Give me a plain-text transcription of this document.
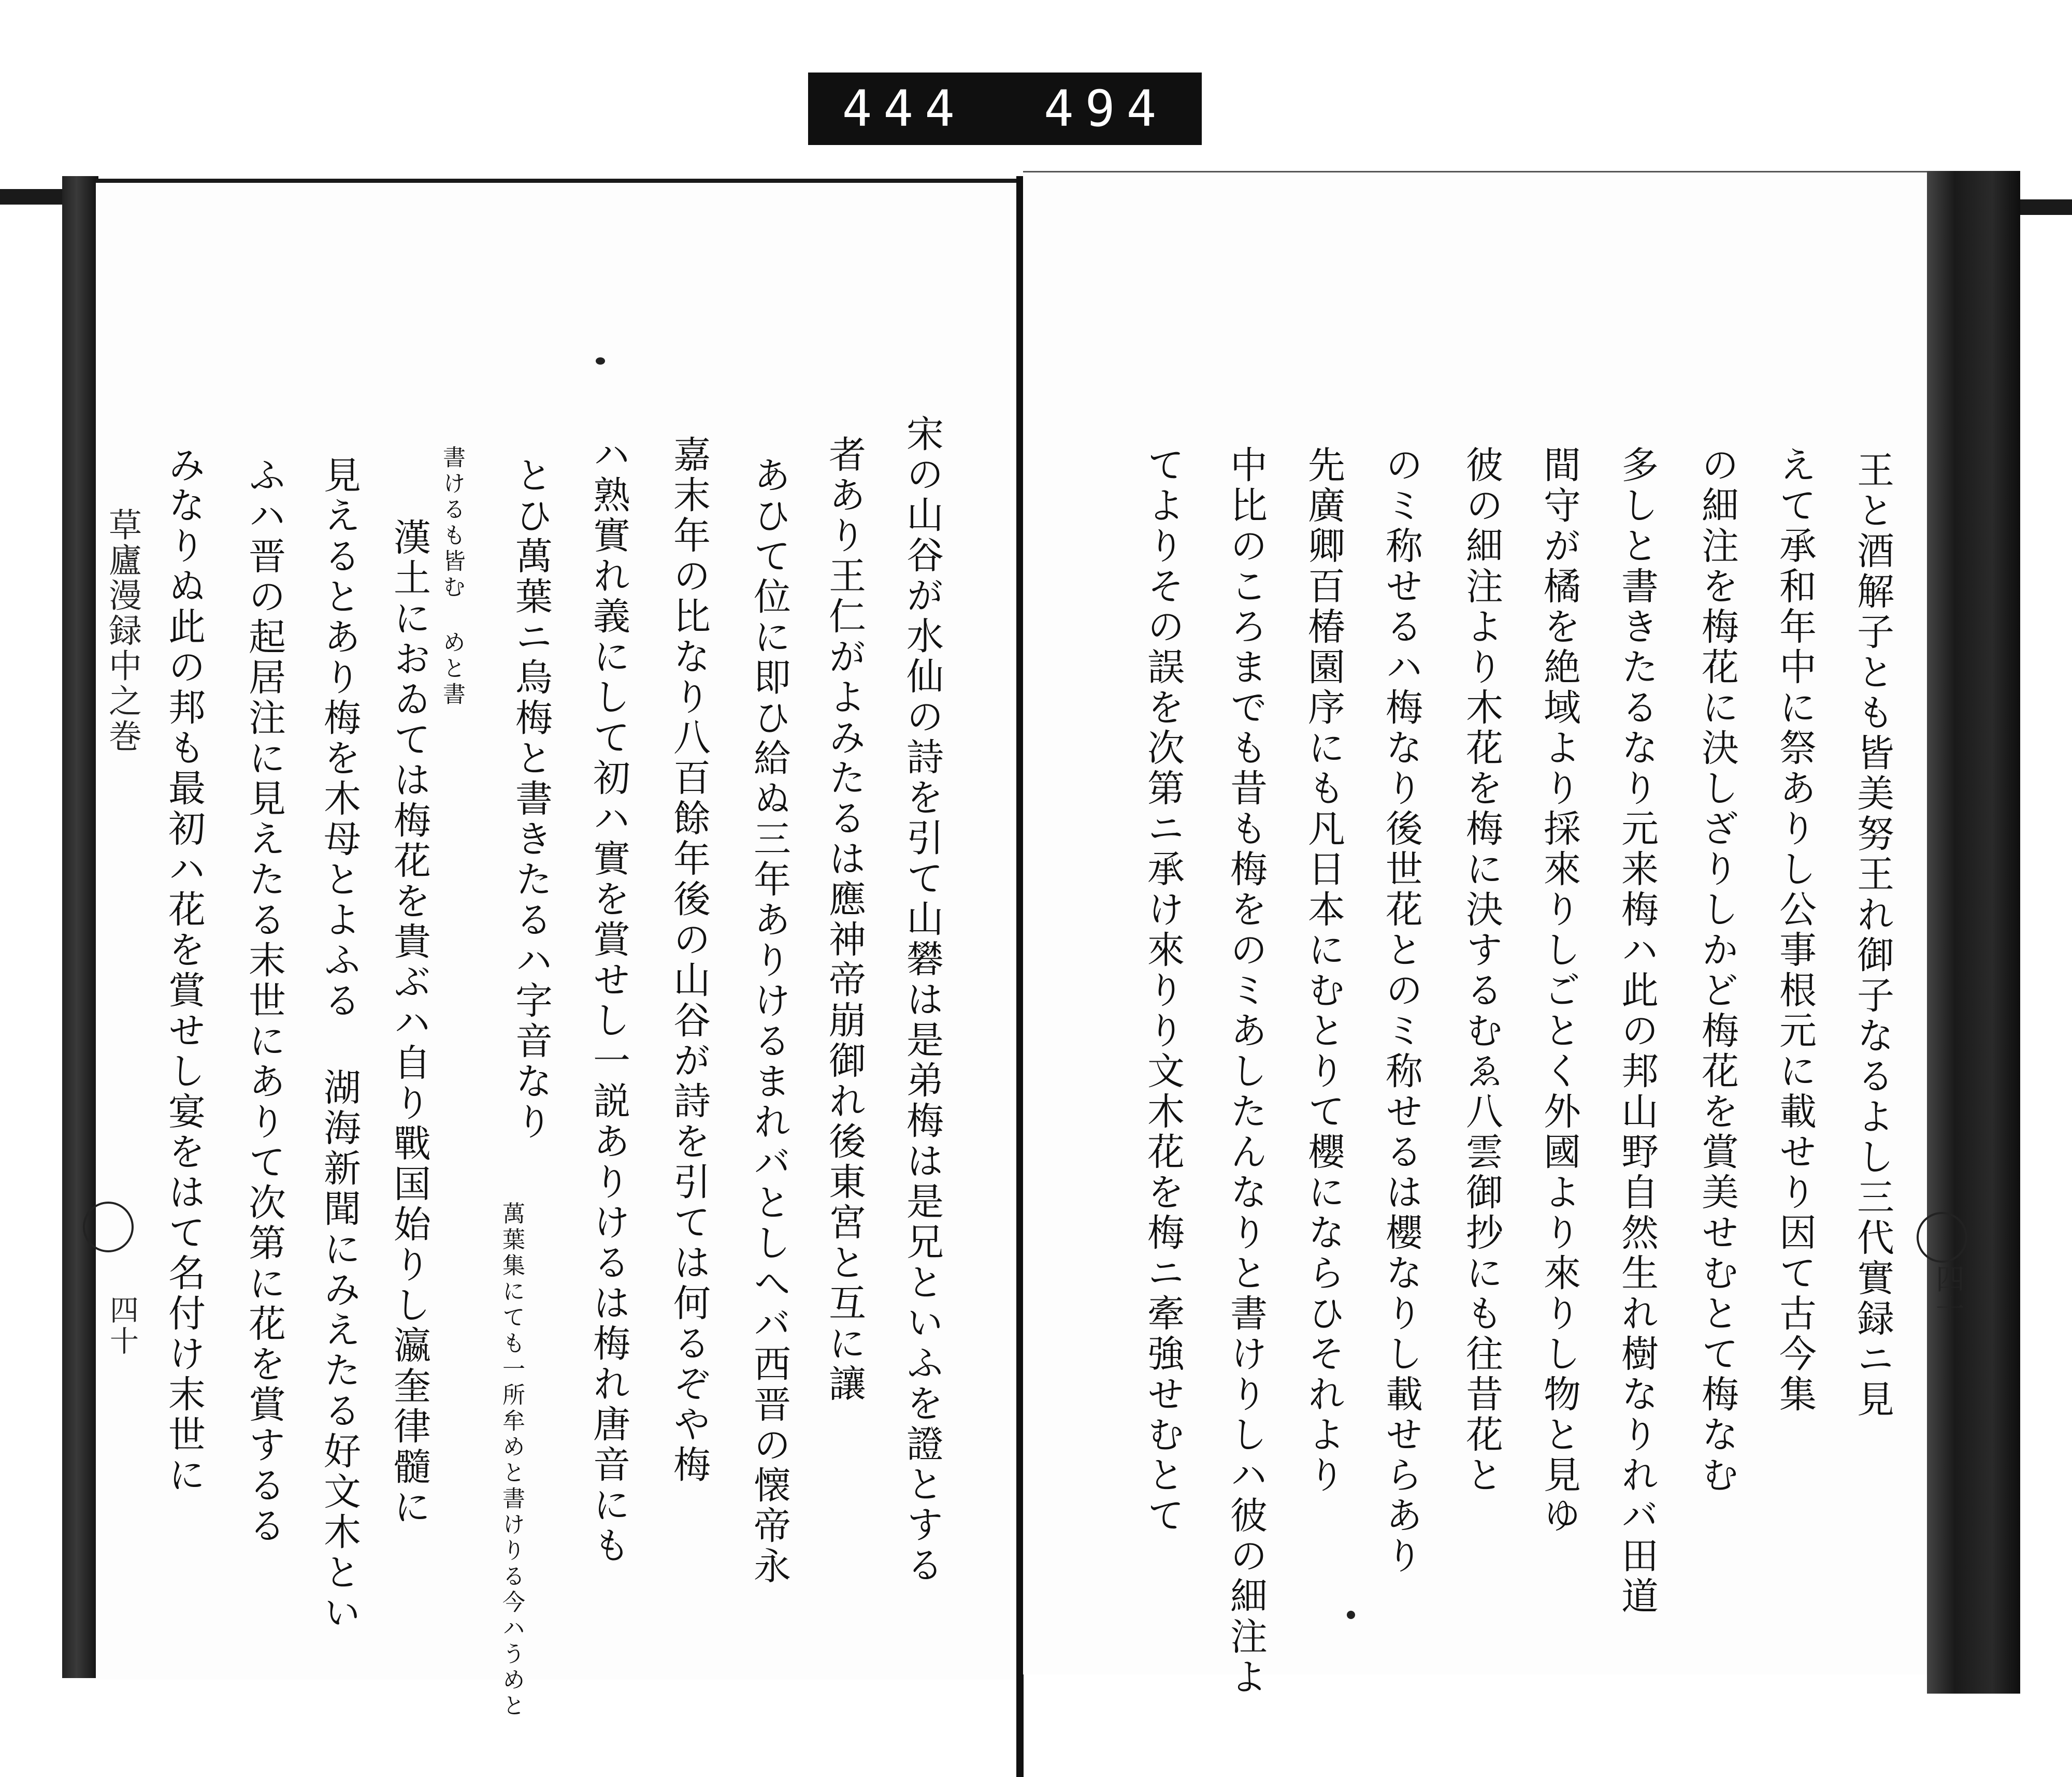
444 494
草廬漫録中之巻
四十	宋の山谷が水仙の詩を引て山礬は是弟梅は是兄といふを證とする
者あり王仁がよみたるは應神帝崩御れ後東宮と互に讓
あひて位に即ひ給ぬ三年ありけるまれバとしへバ西晋の懐帝永
嘉末年の比なり八百餘年後の山谷が詩を引ては何るぞや梅
ハ熟實れ義にして初ハ實を賞せし一説ありけるは梅れ唐音にも
とひ萬葉ニ烏梅と書きたるハ字音なり
書けるも皆む めと書
漢土におゐては梅花を貴ぶハ自り戰国始りし瀛奎律髓に
見えるとあり梅を木母とよふる 湖海新聞にみえたる好文木とい
ふハ晋の起居注に見えたる末世にありて次第に花を賞するる
みなりぬ此の邦も最初ハ花を賞せし宴をはて名付け末世に	萬葉集にても一所牟めと書けりる今ハうめと	四十
王と酒解子とも皆美努王れ御子なるよし三代實録ニ見
えて承和年中に祭ありし公事根元に載せり因て古今集
の細注を梅花に決しざりしかど梅花を賞美せむとて梅なむ
多しと書きたるなり元来梅ハ此の邦山野自然生れ樹なりれバ田道
間守が橘を絶域より採來りしごとく外國より來りし物と見ゆ
彼の細注より木花を梅に決するむゑ八雲御抄にも往昔花と
のミ称せるハ梅なり後世花とのミ称せるは櫻なりし載せらあり
先廣卿百椿園序にも凡日本にむとりて櫻にならひそれより
中比のころまでも昔も梅をのミあしたんなりと書けりしハ彼の細注よ
てよりその誤を次第ニ承け來りり文木花を梅ニ牽強せむとて
